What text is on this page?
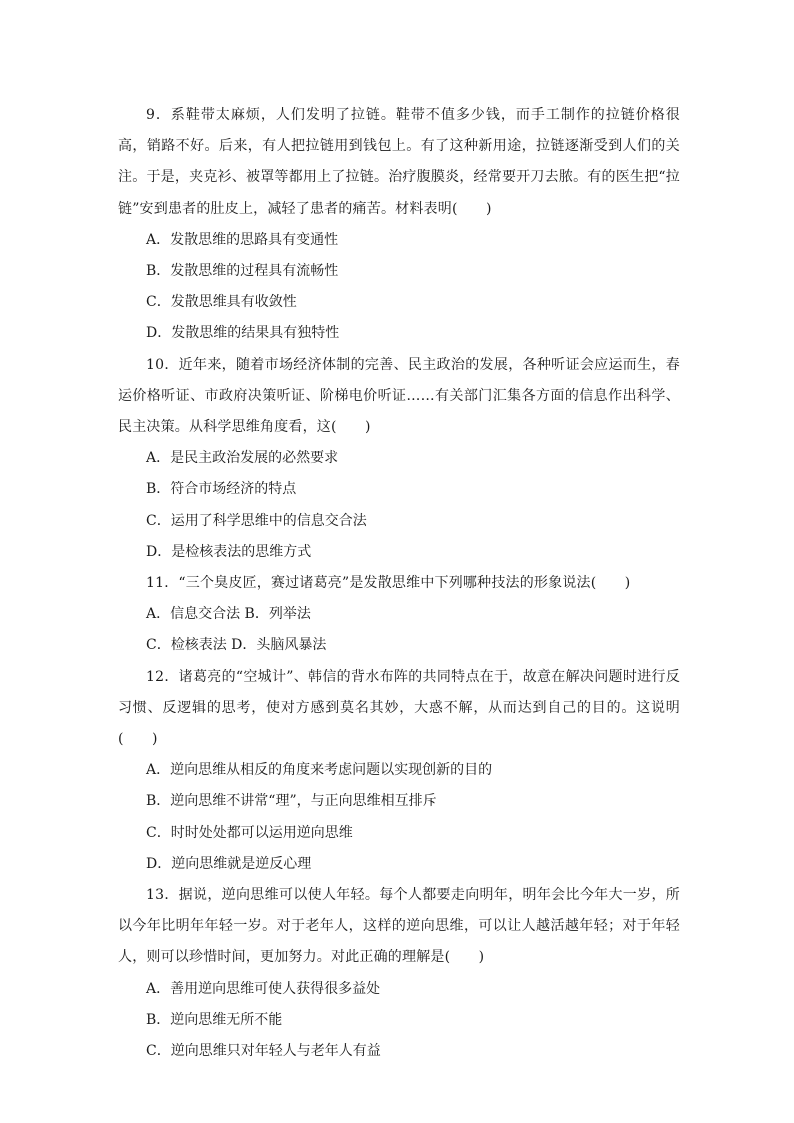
9．系鞋带太麻烦，人们发明了拉链。鞋带不值多少钱，而手工制作的拉链价格很高，销路不好。后来，有人把拉链用到钱包上。有了这种新用途，拉链逐渐受到人们的关注。于是，夹克衫、被罩等都用上了拉链。治疗腹膜炎，经常要开刀去脓。有的医生把“拉链”安到患者的肚皮上，减轻了患者的痛苦。材料表明(　　)

A．发散思维的思路具有变通性

B．发散思维的过程具有流畅性

C．发散思维具有收敛性

D．发散思维的结果具有独特性

10．近年来，随着市场经济体制的完善、民主政治的发展，各种听证会应运而生，春运价格听证、市政府决策听证、阶梯电价听证……有关部门汇集各方面的信息作出科学、民主决策。从科学思维角度看，这(　　)

A．是民主政治发展的必然要求

B．符合市场经济的特点

C．运用了科学思维中的信息交合法

D．是检核表法的思维方式

11．“三个臭皮匠，赛过诸葛亮”是发散思维中下列哪种技法的形象说法(　　)

A．信息交合法 B．列举法

C．检核表法 D．头脑风暴法

12．诸葛亮的“空城计”、韩信的背水布阵的共同特点在于，故意在解决问题时进行反习惯、反逻辑的思考，使对方感到莫名其妙，大惑不解，从而达到自己的目的。这说明(　　)

A．逆向思维从相反的角度来考虑问题以实现创新的目的

B．逆向思维不讲常“理”，与正向思维相互排斥

C．时时处处都可以运用逆向思维

D．逆向思维就是逆反心理

13．据说，逆向思维可以使人年轻。每个人都要走向明年，明年会比今年大一岁，所以今年比明年年轻一岁。对于老年人，这样的逆向思维，可以让人越活越年轻；对于年轻人，则可以珍惜时间，更加努力。对此正确的理解是(　　)

A．善用逆向思维可使人获得很多益处

B．逆向思维无所不能

C．逆向思维只对年轻人与老年人有益
